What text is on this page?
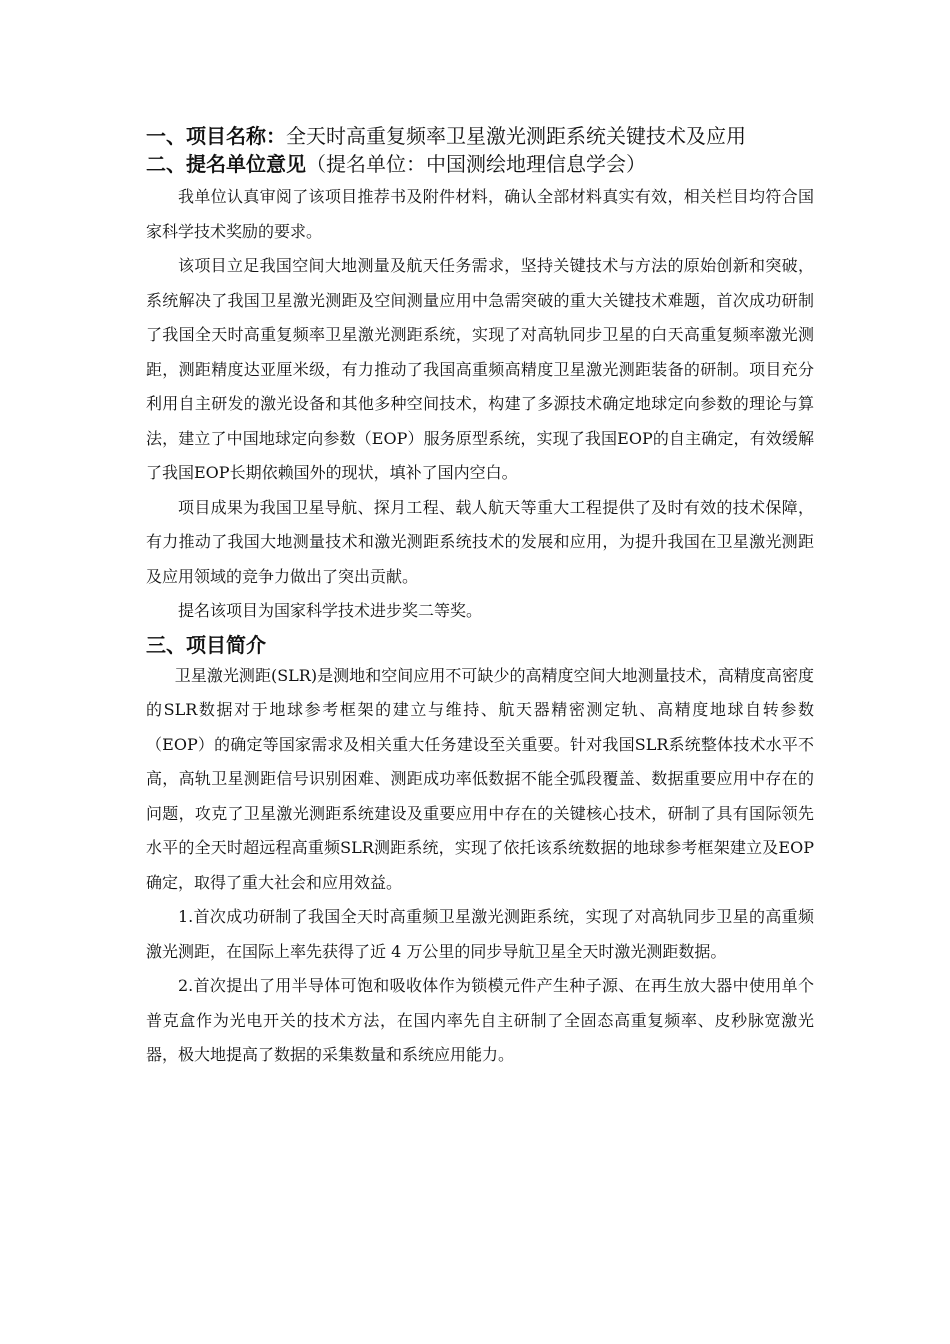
一、项目名称：全天时高重复频率卫星激光测距系统关键技术及应用

二、提名单位意见（提名单位：中国测绘地理信息学会）

我单位认真审阅了该项目推荐书及附件材料，确认全部材料真实有效，相关栏目均符合国家科学技术奖励的要求。

该项目立足我国空间大地测量及航天任务需求，坚持关键技术与方法的原始创新和突破，系统解决了我国卫星激光测距及空间测量应用中急需突破的重大关键技术难题，首次成功研制了我国全天时高重复频率卫星激光测距系统，实现了对高轨同步卫星的白天高重复频率激光测距，测距精度达亚厘米级，有力推动了我国高重频高精度卫星激光测距装备的研制。项目充分利用自主研发的激光设备和其他多种空间技术，构建了多源技术确定地球定向参数的理论与算法，建立了中国地球定向参数（EOP）服务原型系统，实现了我国EOP的自主确定，有效缓解了我国EOP长期依赖国外的现状，填补了国内空白。

项目成果为我国卫星导航、探月工程、载人航天等重大工程提供了及时有效的技术保障，有力推动了我国大地测量技术和激光测距系统技术的发展和应用，为提升我国在卫星激光测距及应用领域的竞争力做出了突出贡献。

提名该项目为国家科学技术进步奖二等奖。

三、项目简介

卫星激光测距(SLR)是测地和空间应用不可缺少的高精度空间大地测量技术，高精度高密度的SLR数据对于地球参考框架的建立与维持、航天器精密测定轨、高精度地球自转参数（EOP）的确定等国家需求及相关重大任务建设至关重要。针对我国SLR系统整体技术水平不高，高轨卫星测距信号识别困难、测距成功率低数据不能全弧段覆盖、数据重要应用中存在的问题，攻克了卫星激光测距系统建设及重要应用中存在的关键核心技术，研制了具有国际领先水平的全天时超远程高重频SLR测距系统，实现了依托该系统数据的地球参考框架建立及EOP确定，取得了重大社会和应用效益。

1.首次成功研制了我国全天时高重频卫星激光测距系统，实现了对高轨同步卫星的高重频激光测距，在国际上率先获得了近 4 万公里的同步导航卫星全天时激光测距数据。

2.首次提出了用半导体可饱和吸收体作为锁模元件产生种子源、在再生放大器中使用单个普克盒作为光电开关的技术方法，在国内率先自主研制了全固态高重复频率、皮秒脉宽激光器，极大地提高了数据的采集数量和系统应用能力。
